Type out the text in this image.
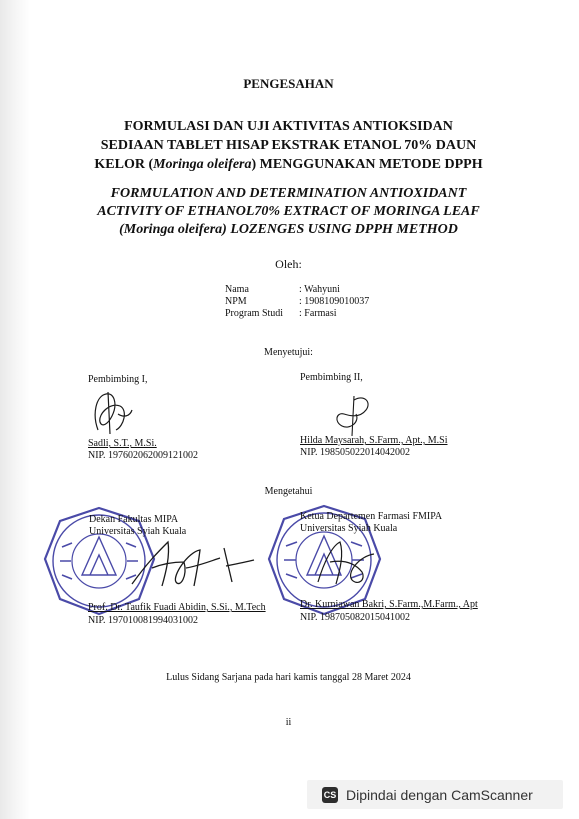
PENGESAHAN
FORMULASI DAN UJI AKTIVITAS ANTIOKSIDAN
SEDIAAN TABLET HISAP EKSTRAK ETANOL 70% DAUN
KELOR (Moringa oleifera) MENGGUNAKAN METODE DPPH
FORMULATION AND DETERMINATION ANTIOXIDANT
ACTIVITY OF ETHANOL70% EXTRACT OF MORINGA LEAF
(Moringa oleifera) LOZENGES USING DPPH METHOD
Oleh:
Nama	: Wahyuni
NPM	: 1908109010037
Program Studi : Farmasi
Menyetujui:
Pembimbing I,	Pembimbing II,
Sadli, S.T., M.Si.
NIP. 197602062009121002
Hilda Maysarah, S.Farm., Apt., M.Si
NIP. 198505022014042002
Mengetahui
Dekan Fakultas MIPA
Universitas Syiah Kuala
Ketua Departemen Farmasi FMIPA
Universitas Syiah Kuala
Prof. Dr. Taufik Fuadi Abidin, S.Si., M.Tech
NIP. 197010081994031002
Dr. Kurniawan Bakri, S.Farm.,M.Farm., Apt
NIP. 198705082015041002
Lulus Sidang Sarjana pada hari kamis tanggal 28 Maret 2024
ii
CS Dipindai dengan CamScanner
